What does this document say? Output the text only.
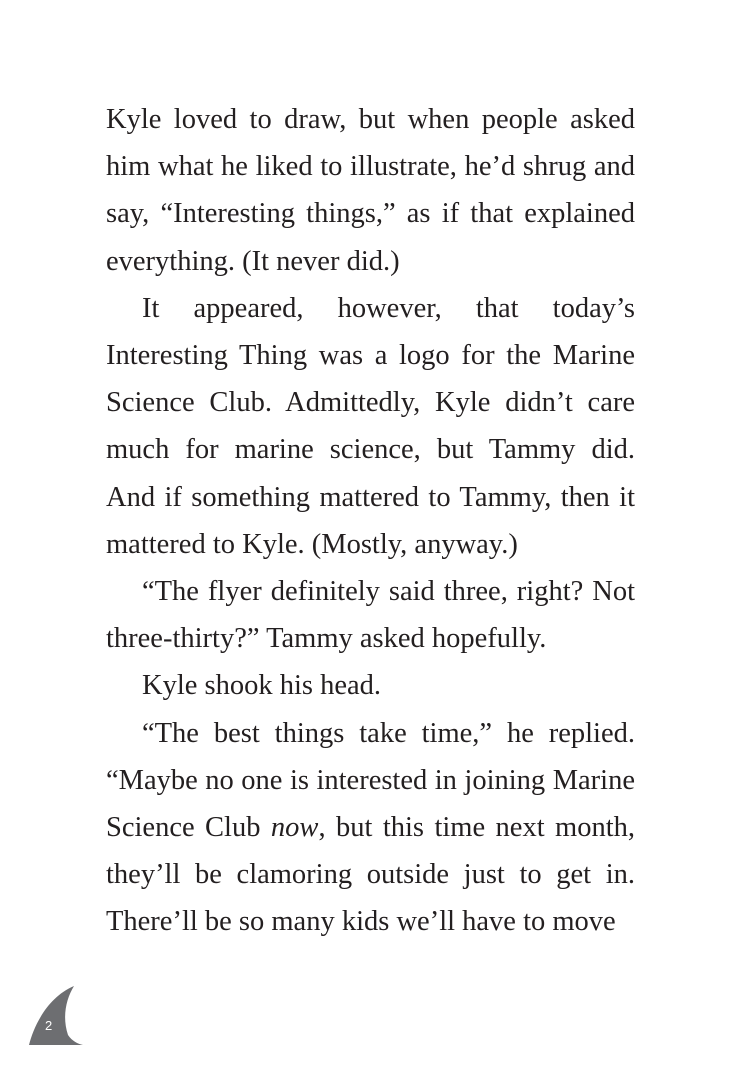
Kyle loved to draw, but when people asked him what he liked to illustrate, he’d shrug and say, “Interesting things,” as if that explained everything. (It never did.)

It appeared, however, that today’s Interesting Thing was a logo for the Marine Science Club. Admittedly, Kyle didn’t care much for marine science, but Tammy did. And if something mattered to Tammy, then it mattered to Kyle. (Mostly, anyway.)

“The flyer definitely said three, right? Not three-thirty?” Tammy asked hopefully.

Kyle shook his head.

“The best things take time,” he replied. “Maybe no one is interested in joining Marine Science Club now, but this time next month, they’ll be clamoring outside just to get in. There’ll be so many kids we’ll have to move

2
